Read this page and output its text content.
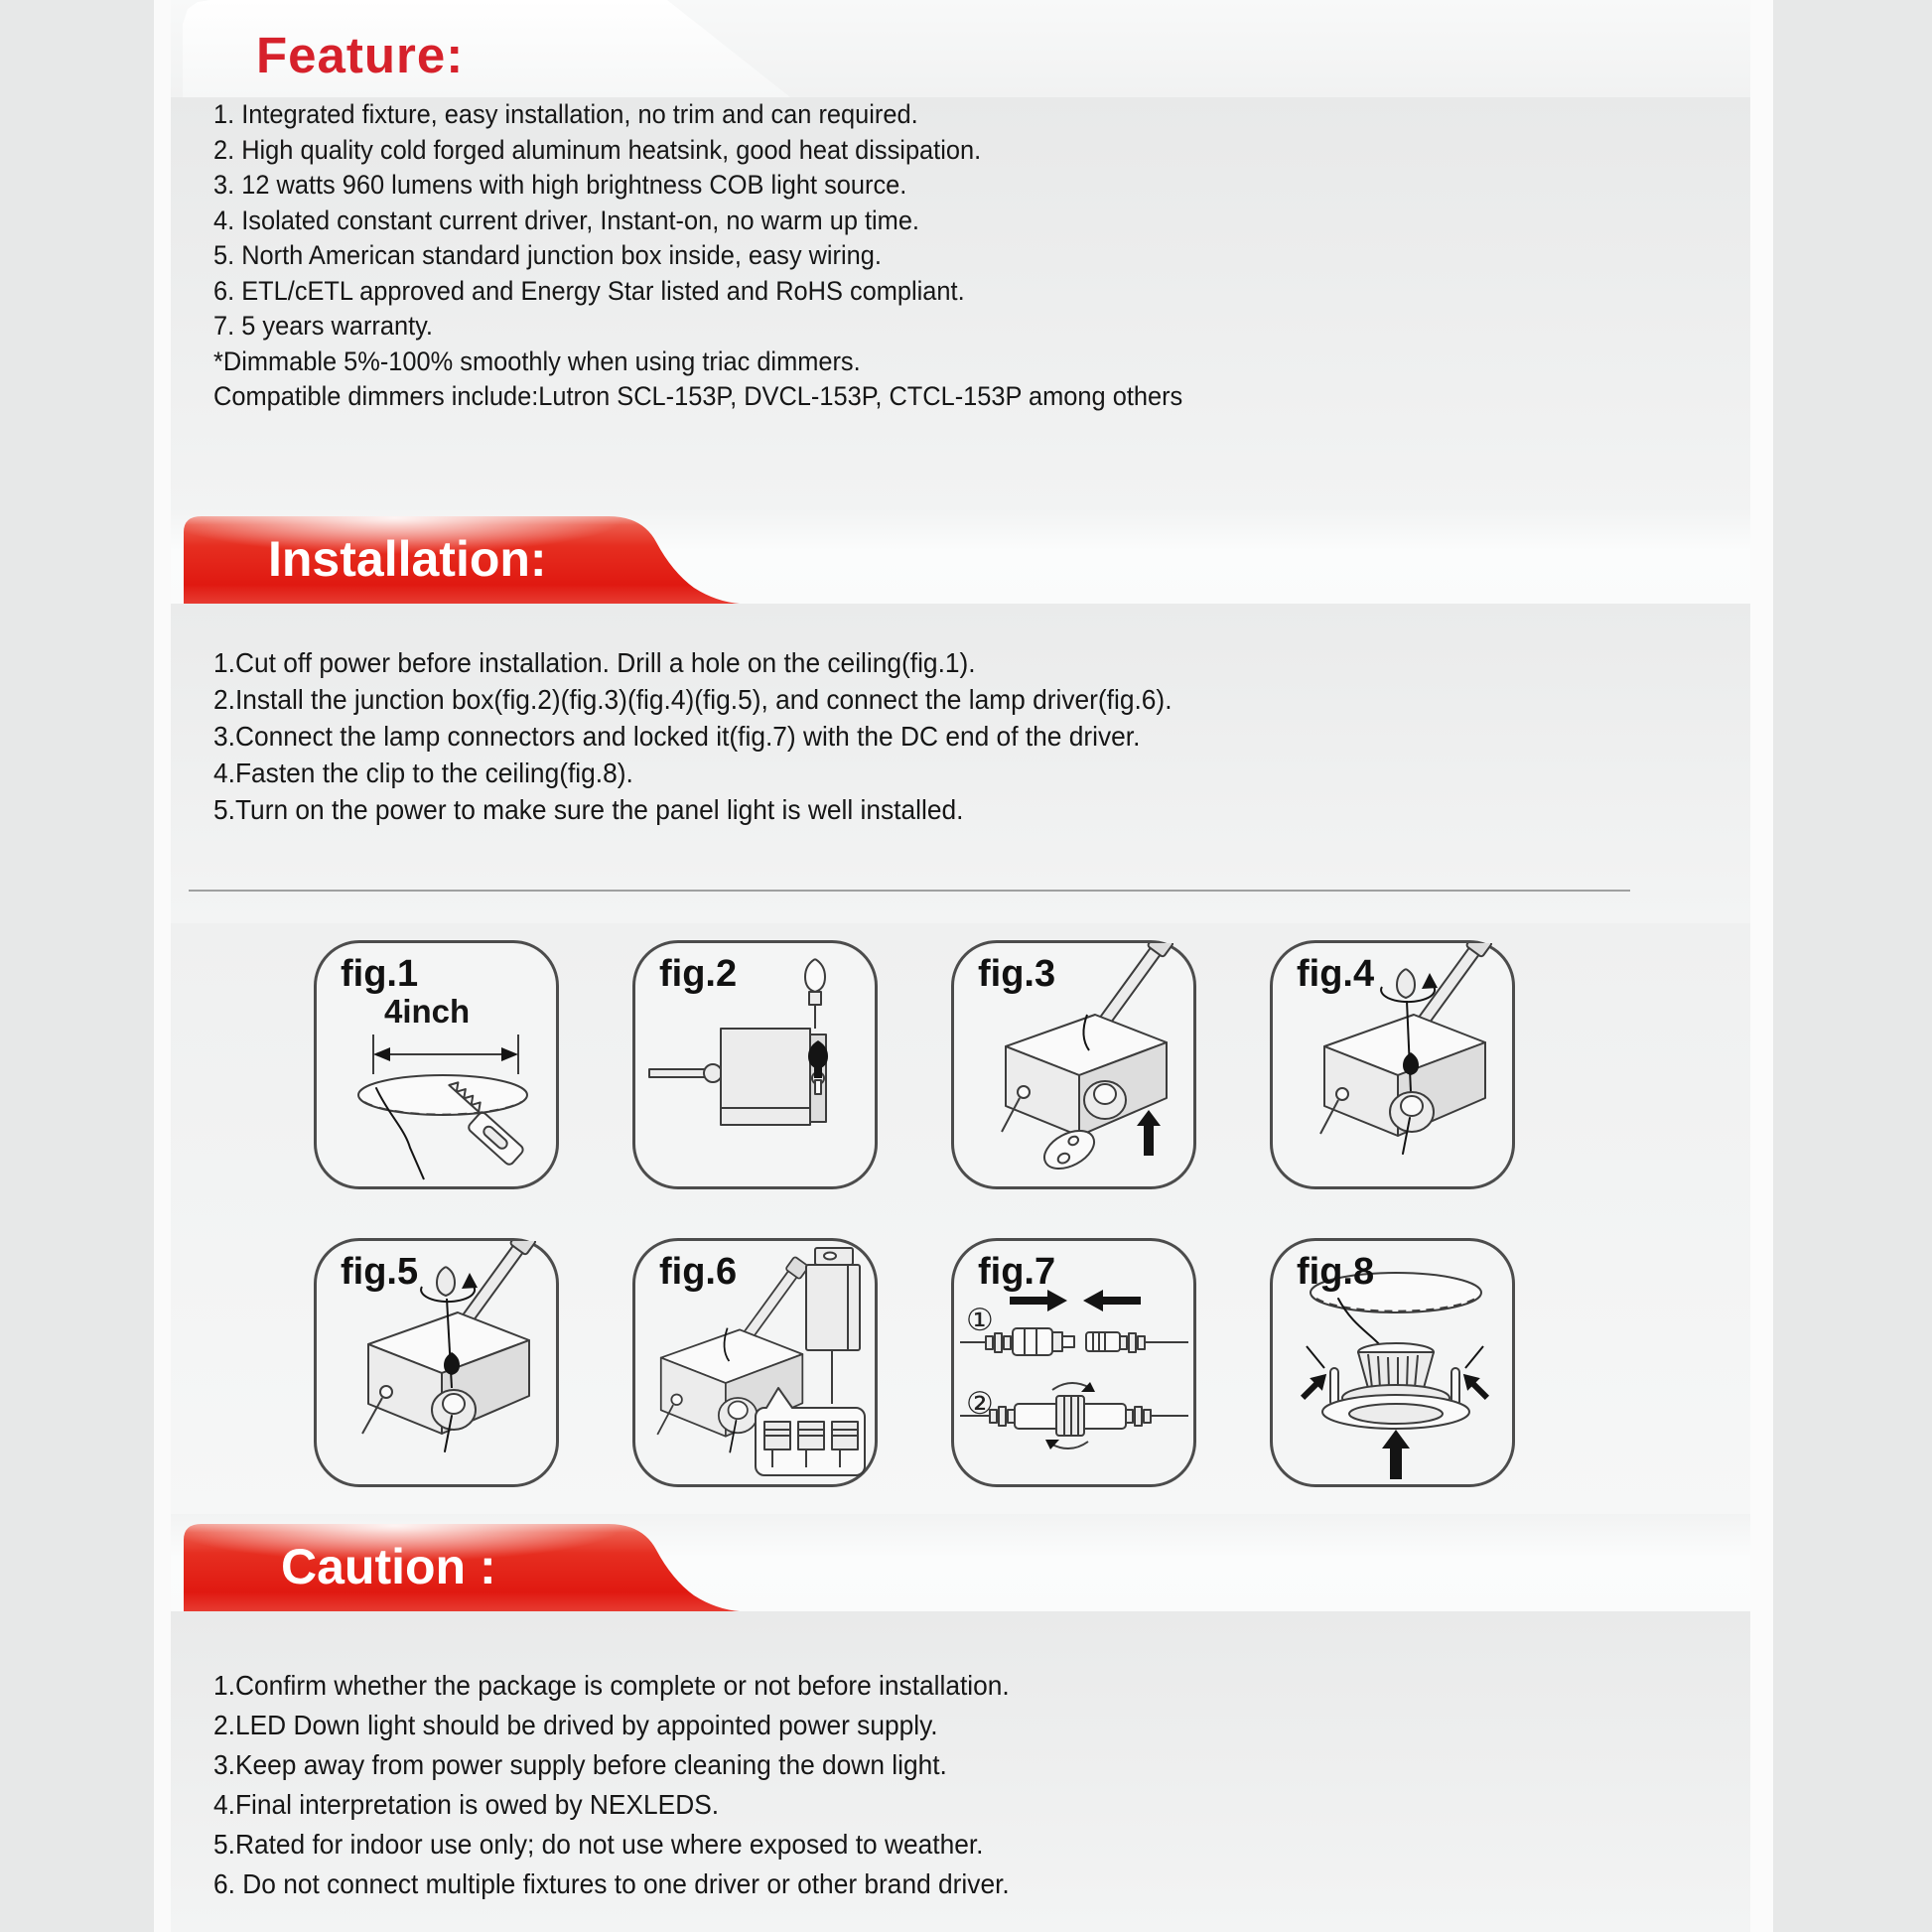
Feature:
1. Integrated fixture, easy installation, no trim and can required.
2. High quality cold forged aluminum heatsink, good heat dissipation.
3. 12 watts 960 lumens with high brightness COB light source.
4. Isolated constant current driver, Instant-on, no warm up time.
5. North American standard junction box inside, easy wiring.
6. ETL/cETL approved and Energy Star listed and RoHS compliant.
7. 5 years warranty.
*Dimmable 5%-100% smoothly when using triac dimmers.
Compatible dimmers include:Lutron SCL-153P, DVCL-153P, CTCL-153P among others
Installation:
1.Cut off power before installation. Drill a hole on the ceiling(fig.1).
2.Install the junction box(fig.2)(fig.3)(fig.4)(fig.5), and connect the lamp driver(fig.6).
3.Connect the lamp connectors and locked it(fig.7) with the DC end of the driver.
4.Fasten the clip to the ceiling(fig.8).
5.Turn on the power to make sure the panel light is well installed.
fig.1
4inch
fig.2	fig.3	fig.4
fig.5	fig.6	fig.7
①
②
fig.8
Caution :
1.Confirm whether the package is complete or not before installation.
2.LED Down light should be drived by appointed power supply.
3.Keep away from power supply before cleaning the down light.
4.Final interpretation is owed by NEXLEDS.
5.Rated for indoor use only; do not use where exposed to weather.
6. Do not connect multiple fixtures to one driver or other brand driver.
